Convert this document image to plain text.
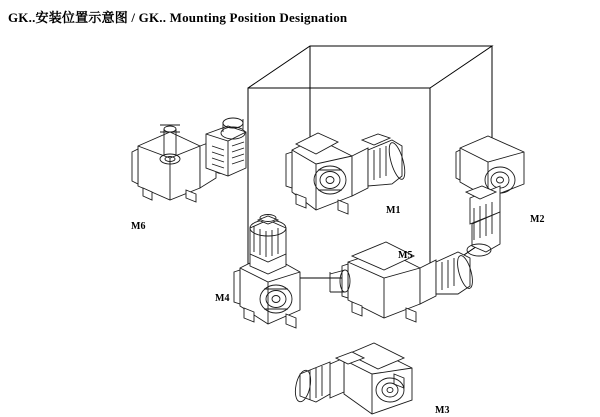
GK..安装位置示意图 / GK.. Mounting Position Designation
M6
M1
M2
M5
M4
M3
